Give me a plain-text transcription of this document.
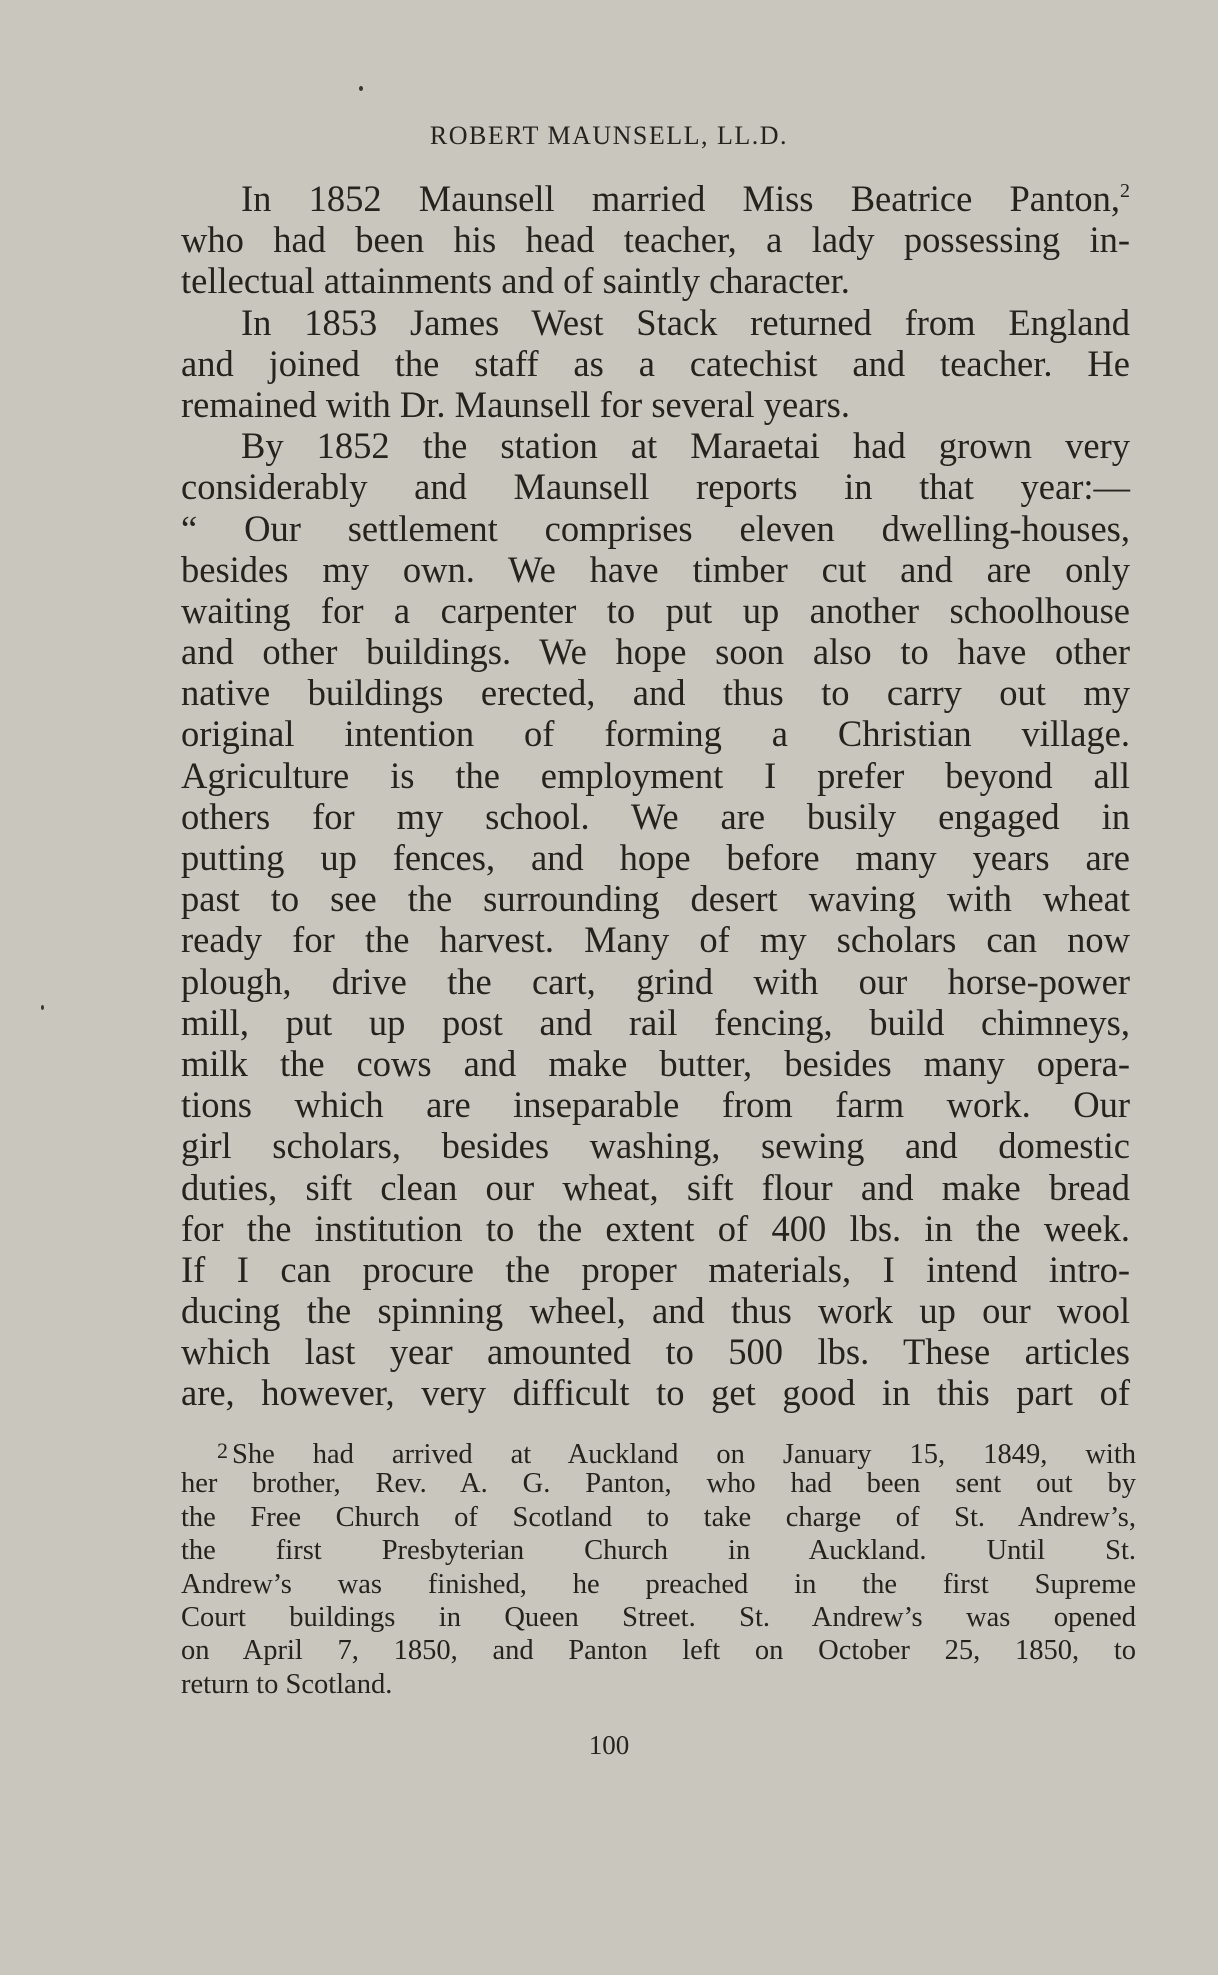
ROBERT MAUNSELL, LL.D.
In 1852 Maunsell married Miss Beatrice Panton,$^2$
who had been his head teacher, a lady possessing in-
tellectual attainments and of saintly character.
In 1853 James West Stack returned from England
and joined the staff as a catechist and teacher. He
remained with Dr. Maunsell for several years.
By 1852 the station at Maraetai had grown very
considerably and Maunsell reports in that year:—
“ Our settlement comprises eleven dwelling-houses,
besides my own. We have timber cut and are only
waiting for a carpenter to put up another schoolhouse
and other buildings. We hope soon also to have other
native buildings erected, and thus to carry out my
original intention of forming a Christian village.
Agriculture is the employment I prefer beyond all
others for my school. We are busily engaged in
putting up fences, and hope before many years are
past to see the surrounding desert waving with wheat
ready for the harvest. Many of my scholars can now
plough, drive the cart, grind with our horse-power
mill, put up post and rail fencing, build chimneys,
milk the cows and make butter, besides many opera-
tions which are inseparable from farm work. Our
girl scholars, besides washing, sewing and domestic
duties, sift clean our wheat, sift flour and make bread
for the institution to the extent of 400 lbs. in the week.
If I can procure the proper materials, I intend intro-
ducing the spinning wheel, and thus work up our wool
which last year amounted to 500 lbs. These articles
are, however, very difficult to get good in this part of
2 She had arrived at Auckland on January 15, 1849, with
her brother, Rev. A. G. Panton, who had been sent out by
the Free Church of Scotland to take charge of St. Andrew’s,
the first Presbyterian Church in Auckland. Until St.
Andrew’s was finished, he preached in the first Supreme
Court buildings in Queen Street. St. Andrew’s was opened
on April 7, 1850, and Panton left on October 25, 1850, to
return to Scotland.
100
